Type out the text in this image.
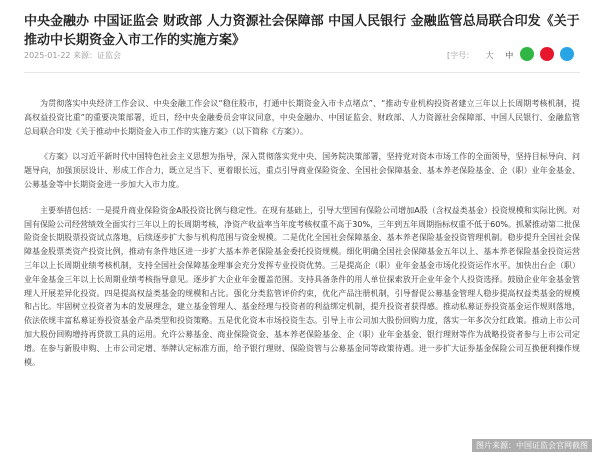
中央金融办 中国证监会 财政部 人力资源社会保障部 中国人民银行 金融监管总局联合印发《关于推动中长期资金入市工作的实施方案》
2025-01-22 来源：证监会	[字号： 大 中

为贯彻落实中央经济工作会议、中央金融工作会议“稳住股市，打通中长期资金入市卡点堵点”、“推动专业机构投资者建立三年以上长周期考核机制，提高权益投资比重”的重要决策部署，近日，经中央金融委员会审议同意，中央金融办、中国证监会、财政部、人力资源社会保障部、中国人民银行、金融监管总局联合印发《关于推动中长期资金入市工作的实施方案》（以下简称《方案》）。

《方案》以习近平新时代中国特色社会主义思想为指导，深入贯彻落实党中央、国务院决策部署，坚持党对资本市场工作的全面领导，坚持目标导向、问题导向，加强顶层设计、形成工作合力，既立足当下、更着眼长远，重点引导商业保险资金、全国社会保障基金、基本养老保险基金、企（职）业年金基金、公募基金等中长期资金进一步加大入市力度。

主要举措包括：一是提升商业保险资金A股投资比例与稳定性。在现有基础上，引导大型国有保险公司增加A股（含权益类基金）投资规模和实际比例。对国有保险公司经营绩效全面实行三年以上的长周期考核，净资产收益率当年度考核权重不高于30%，三年到五年周期指标权重不低于60%。抓紧推动第二批保险资金长期股票投资试点落地，后续逐步扩大参与机构范围与资金规模。二是优化全国社会保障基金、基本养老保险基金投资管理机制。稳步提升全国社会保障基金股票类资产投资比例，推动有条件地区进一步扩大基本养老保险基金委托投资规模。细化明确全国社会保障基金五年以上、基本养老保险基金投资运营三年以上长周期业绩考核机制，支持全国社会保障基金理事会充分发挥专业投资优势。三是提高企（职）业年金基金市场化投资运作水平。加快出台企（职）业年金基金三年以上长周期业绩考核指导意见。逐步扩大企业年金覆盖范围。支持具备条件的用人单位探索放开企业年金个人投资选择。鼓励企业年金基金管理人开展差异化投资。四是提高权益类基金的规模和占比。强化分类监管评价约束，优化产品注册机制，引导督促公募基金管理人稳步提高权益类基金的规模和占比。牢固树立投资者为本的发展理念，建立基金管理人、基金经理与投资者的利益绑定机制，提升投资者获得感。推动私募证券投资基金运作规则落地，依法依规丰富私募证券投资基金产品类型和投资策略。五是优化资本市场投资生态。引导上市公司加大股份回购力度，落实一年多次分红政策。推动上市公司加大股份回购增持再贷款工具的运用。允许公募基金、商业保险资金、基本养老保险基金、企（职）业年金基金、银行理财等作为战略投资者参与上市公司定增。在参与新股申购、上市公司定增、举牌认定标准方面，给予银行理财、保险资管与公募基金同等政策待遇。进一步扩大证券基金保险公司互换便利操作规模。

图片来源：中国证监会官网截图
